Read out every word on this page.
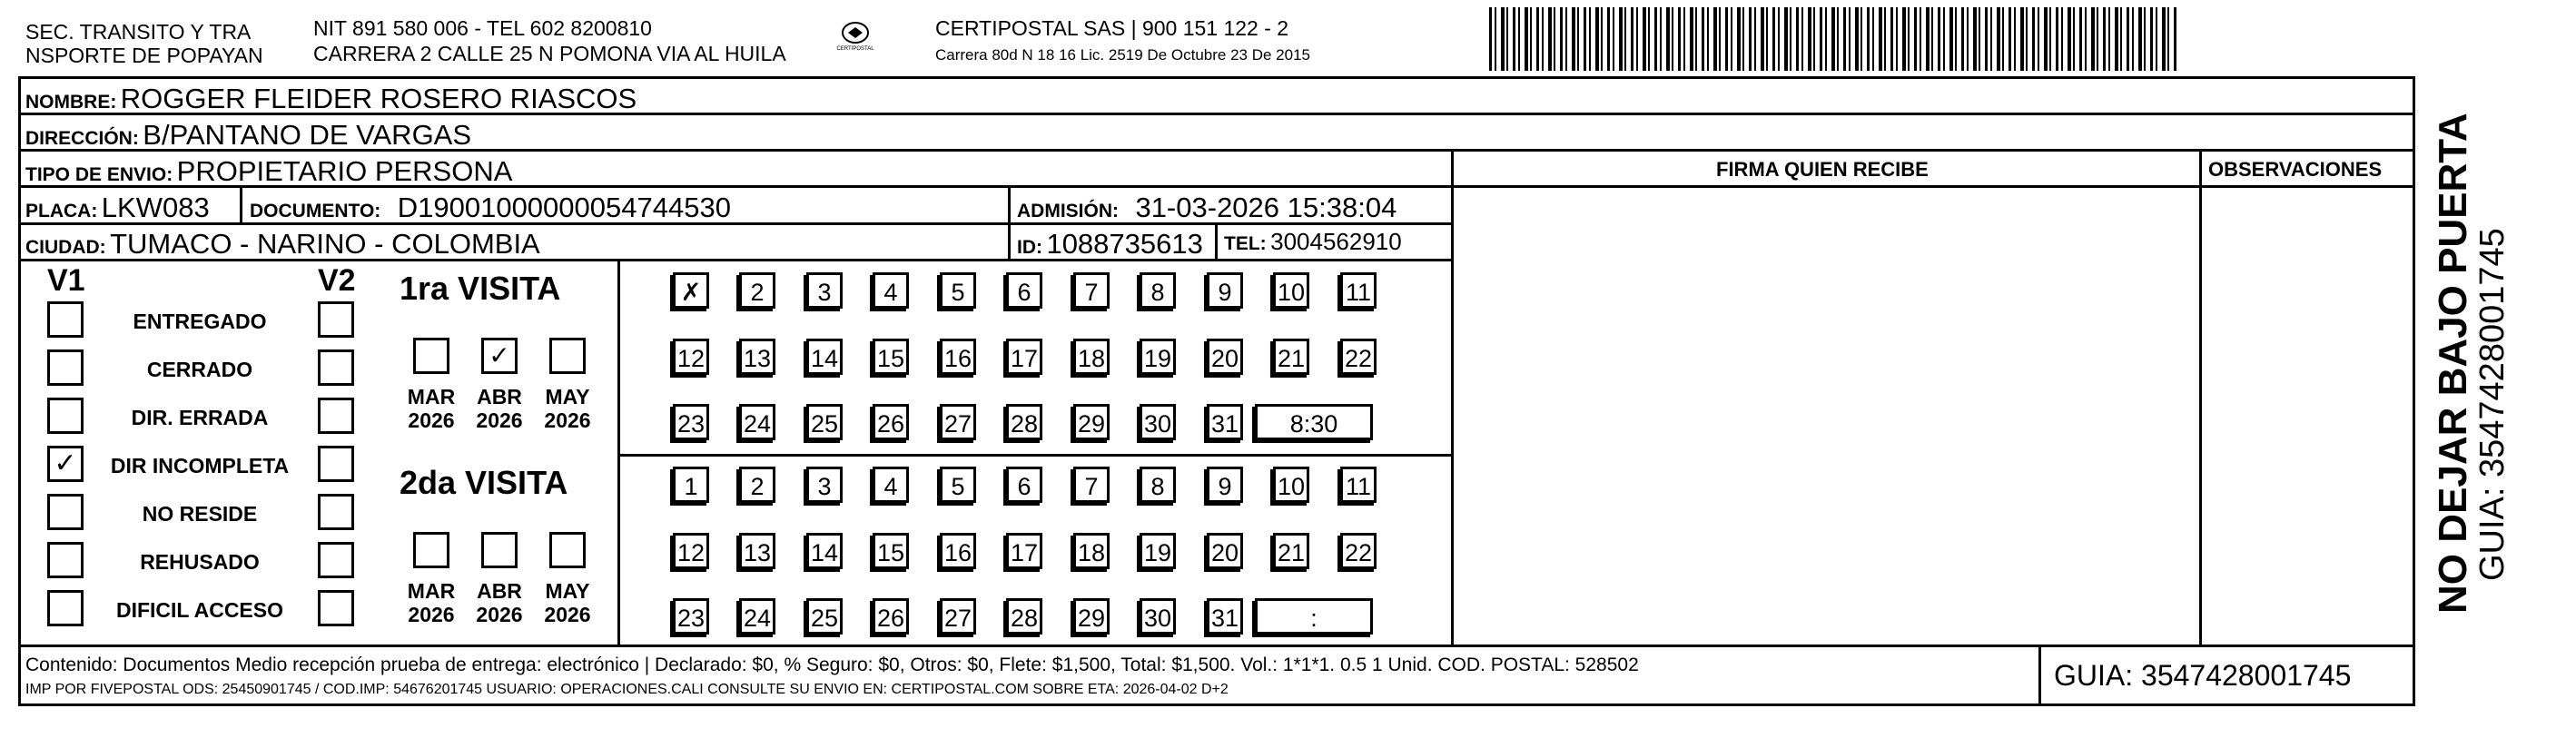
SEC. TRANSITO Y TRA
NSPORTE DE POPAYAN
NIT 891 580 006 - TEL 602 8200810
CARRERA 2 CALLE 25 N POMONA VIA AL HUILA	CERTIPOSTAL
CERTIPOSTAL SAS | 900 151 122 - 2
Carrera 80d N 18 16 Lic. 2519 De Octubre 23 De 2015
NOMBRE: ROGGER FLEIDER ROSERO RIASCOS
DIRECCIÓN: B/PANTANO DE VARGAS
TIPO DE ENVIO: PROPIETARIO PERSONA	FIRMA QUIEN RECIBE	OBSERVACIONES
PLACA: LKW083 DOCUMENTO: D19001000000054744530	ADMISIÓN: 31-03-2026 15:38:04
CIUDAD: TUMACO - NARINO - COLOMBIA	ID: 1088735613 TEL: 3004562910
V1	V2
ENTREGADO
CERRADO
DIR. ERRADA
✓	DIR INCOMPLETA
NO RESIDE
REHUSADO
DIFICIL ACCESO
1ra VISITA
2da VISITA
MAR
2026
✓
ABR
2026
MAY
2026
✗	2	3	4	5	6	7	8	9	10 11
12 13 14 15 16 17 18 19 20 21 22
23 24 25 26 27 28 29 30 31	8:30
MAR
2026
ABR
2026
MAY
2026
1	2	3	4	5	6	7	8	9	10 11
12 13 14 15 16 17 18 19 20 21 22
23 24 25 26 27 28 29 30 31	:
Contenido: Documentos Medio recepción prueba de entrega: electrónico | Declarado: $0, % Seguro: $0, Otros: $0, Flete: $1,500, Total: $1,500. Vol.: 1*1*1. 0.5 1 Unid. COD. POSTAL: 528502
IMP POR FIVEPOSTAL ODS: 25450901745 / COD.IMP: 54676201745 USUARIO: OPERACIONES.CALI CONSULTE SU ENVIO EN: CERTIPOSTAL.COM SOBRE ETA: 2026-04-02 D+2	GUIA: 3547428001745
NO DEJAR BAJO PUERTA
GUIA: 3547428001745
